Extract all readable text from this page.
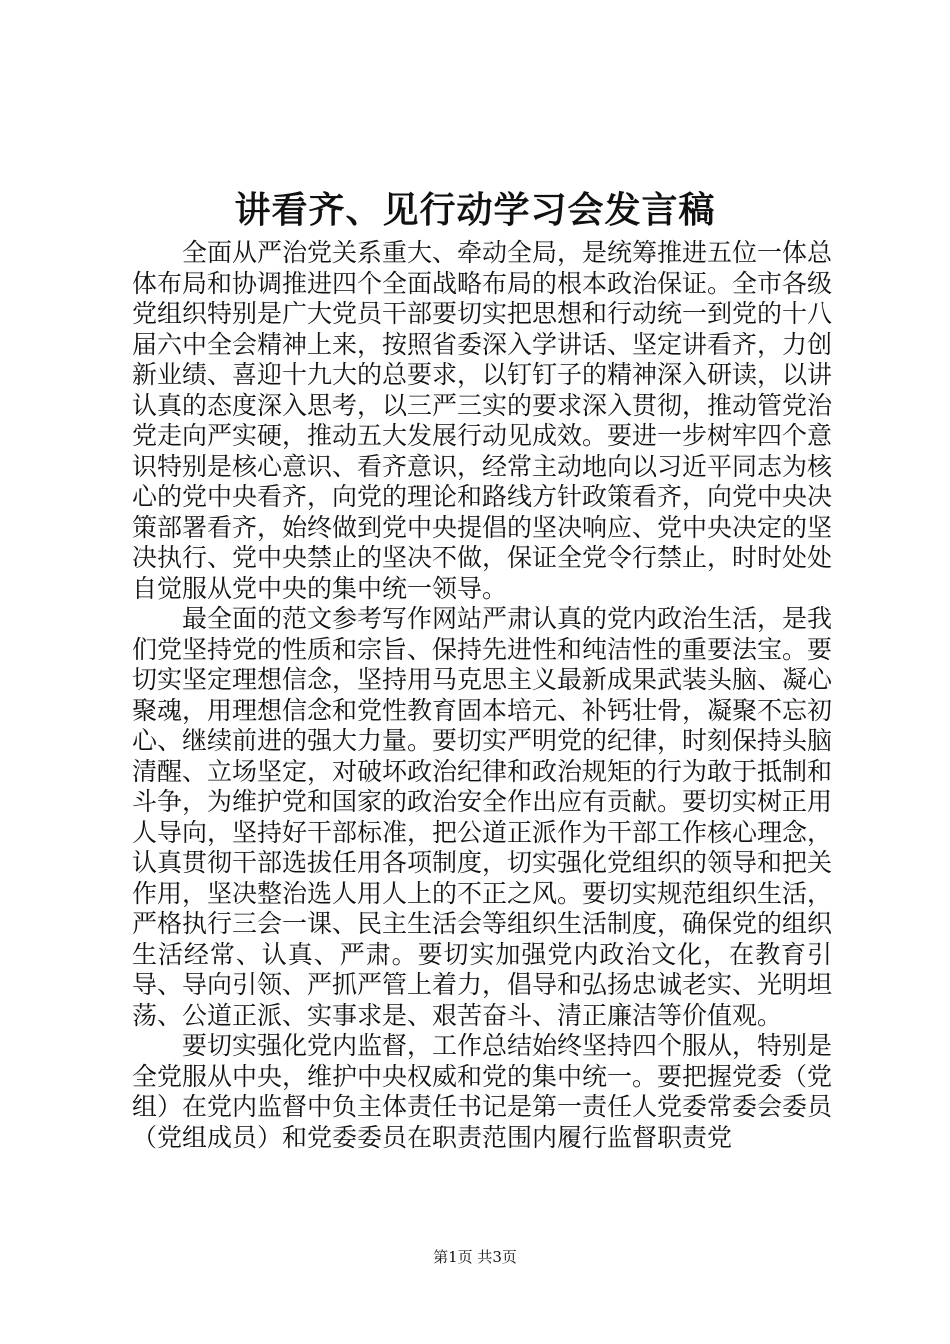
讲看齐、见行动学习会发言稿

全面从严治党关系重大、牵动全局，是统筹推进五位一体总体布局和协调推进四个全面战略布局的根本政治保证。全市各级党组织特别是广大党员干部要切实把思想和行动统一到党的十八届六中全会精神上来，按照省委深入学讲话、坚定讲看齐，力创新业绩、喜迎十九大的总要求，以钉钉子的精神深入研读，以讲认真的态度深入思考，以三严三实的要求深入贯彻，推动管党治党走向严实硬，推动五大发展行动见成效。要进一步树牢四个意识特别是核心意识、看齐意识，经常主动地向以习近平同志为核心的党中央看齐，向党的理论和路线方针政策看齐，向党中央决策部署看齐，始终做到党中央提倡的坚决响应、党中央决定的坚决执行、党中央禁止的坚决不做，保证全党令行禁止，时时处处自觉服从党中央的集中统一领导。

最全面的范文参考写作网站严肃认真的党内政治生活，是我们党坚持党的性质和宗旨、保持先进性和纯洁性的重要法宝。要切实坚定理想信念，坚持用马克思主义最新成果武装头脑、凝心聚魂，用理想信念和党性教育固本培元、补钙壮骨，凝聚不忘初心、继续前进的强大力量。要切实严明党的纪律，时刻保持头脑清醒、立场坚定，对破坏政治纪律和政治规矩的行为敢于抵制和斗争，为维护党和国家的政治安全作出应有贡献。要切实树正用人导向，坚持好干部标准，把公道正派作为干部工作核心理念，认真贯彻干部选拔任用各项制度，切实强化党组织的领导和把关作用，坚决整治选人用人上的不正之风。要切实规范组织生活，严格执行三会一课、民主生活会等组织生活制度，确保党的组织生活经常、认真、严肃。要切实加强党内政治文化，在教育引导、导向引领、严抓严管上着力，倡导和弘扬忠诚老实、光明坦荡、公道正派、实事求是、艰苦奋斗、清正廉洁等价值观。

要切实强化党内监督，工作总结始终坚持四个服从，特别是全党服从中央，维护中央权威和党的集中统一。要把握党委（党组）在党内监督中负主体责任书记是第一责任人党委常委会委员（党组成员）和党委委员在职责范围内履行监督职责党

第1页 共3页
